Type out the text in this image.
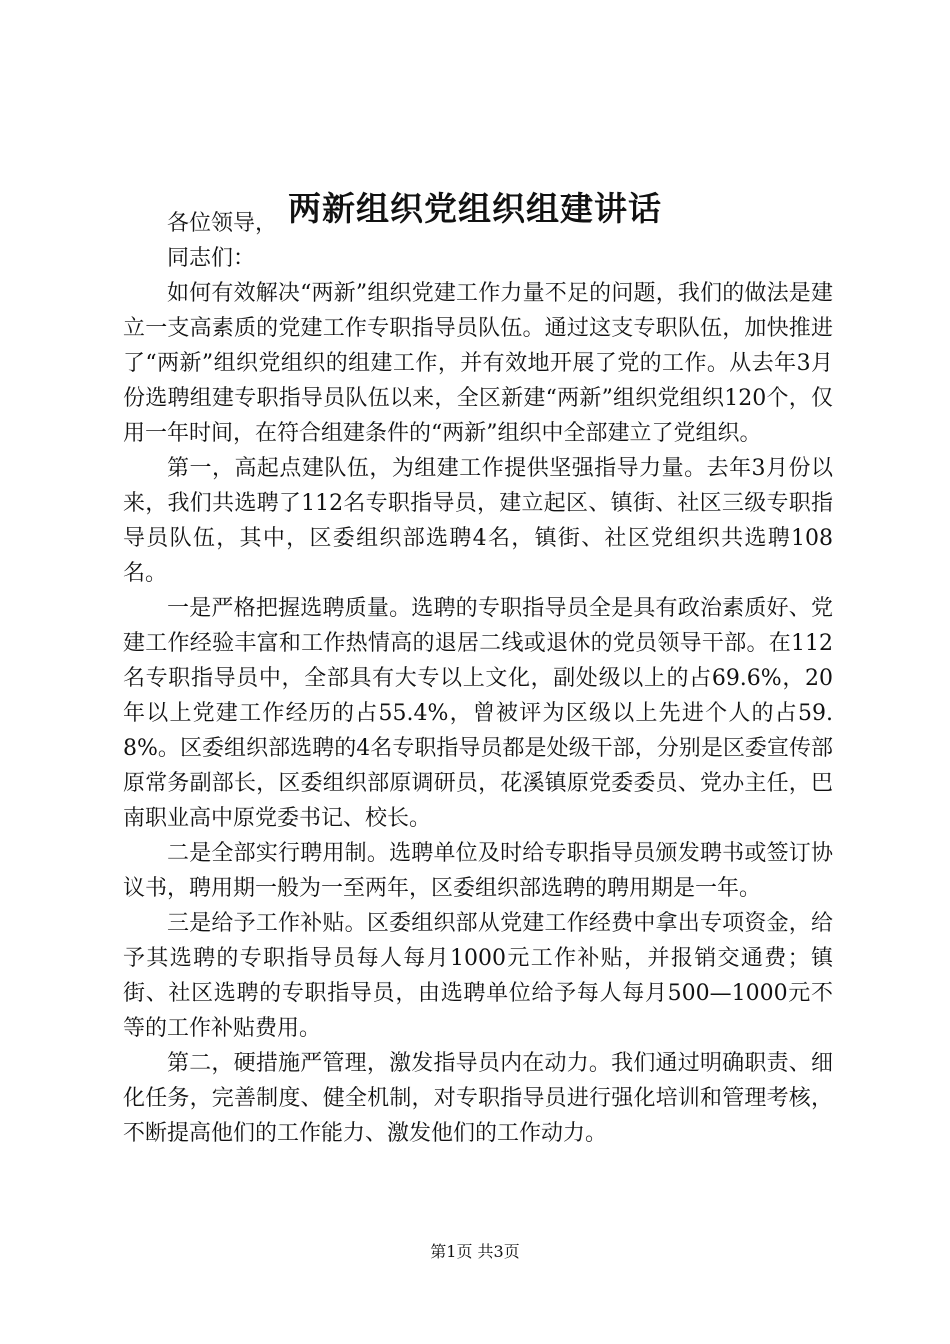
两新组织党组织组建讲话

各位领导，

同志们：

如何有效解决“两新”组织党建工作力量不足的问题，我们的做法是建立一支高素质的党建工作专职指导员队伍。通过这支专职队伍，加快推进了“两新”组织党组织的组建工作，并有效地开展了党的工作。从去年3月份选聘组建专职指导员队伍以来，全区新建“两新”组织党组织120个，仅用一年时间，在符合组建条件的“两新”组织中全部建立了党组织。

第一，高起点建队伍，为组建工作提供坚强指导力量。去年3月份以来，我们共选聘了112名专职指导员，建立起区、镇街、社区三级专职指导员队伍，其中，区委组织部选聘4名，镇街、社区党组织共选聘108名。

一是严格把握选聘质量。选聘的专职指导员全是具有政治素质好、党建工作经验丰富和工作热情高的退居二线或退休的党员领导干部。在112名专职指导员中，全部具有大专以上文化，副处级以上的占69.6%，20年以上党建工作经历的占55.4%，曾被评为区级以上先进个人的占59.8%。区委组织部选聘的4名专职指导员都是处级干部，分别是区委宣传部原常务副部长，区委组织部原调研员，花溪镇原党委委员、党办主任，巴南职业高中原党委书记、校长。

二是全部实行聘用制。选聘单位及时给专职指导员颁发聘书或签订协议书，聘用期一般为一至两年，区委组织部选聘的聘用期是一年。

三是给予工作补贴。区委组织部从党建工作经费中拿出专项资金，给予其选聘的专职指导员每人每月1000元工作补贴，并报销交通费；镇街、社区选聘的专职指导员，由选聘单位给予每人每月500—1000元不等的工作补贴费用。

第二，硬措施严管理，激发指导员内在动力。我们通过明确职责、细化任务，完善制度、健全机制，对专职指导员进行强化培训和管理考核，不断提高他们的工作能力、激发他们的工作动力。

第1页 共3页
